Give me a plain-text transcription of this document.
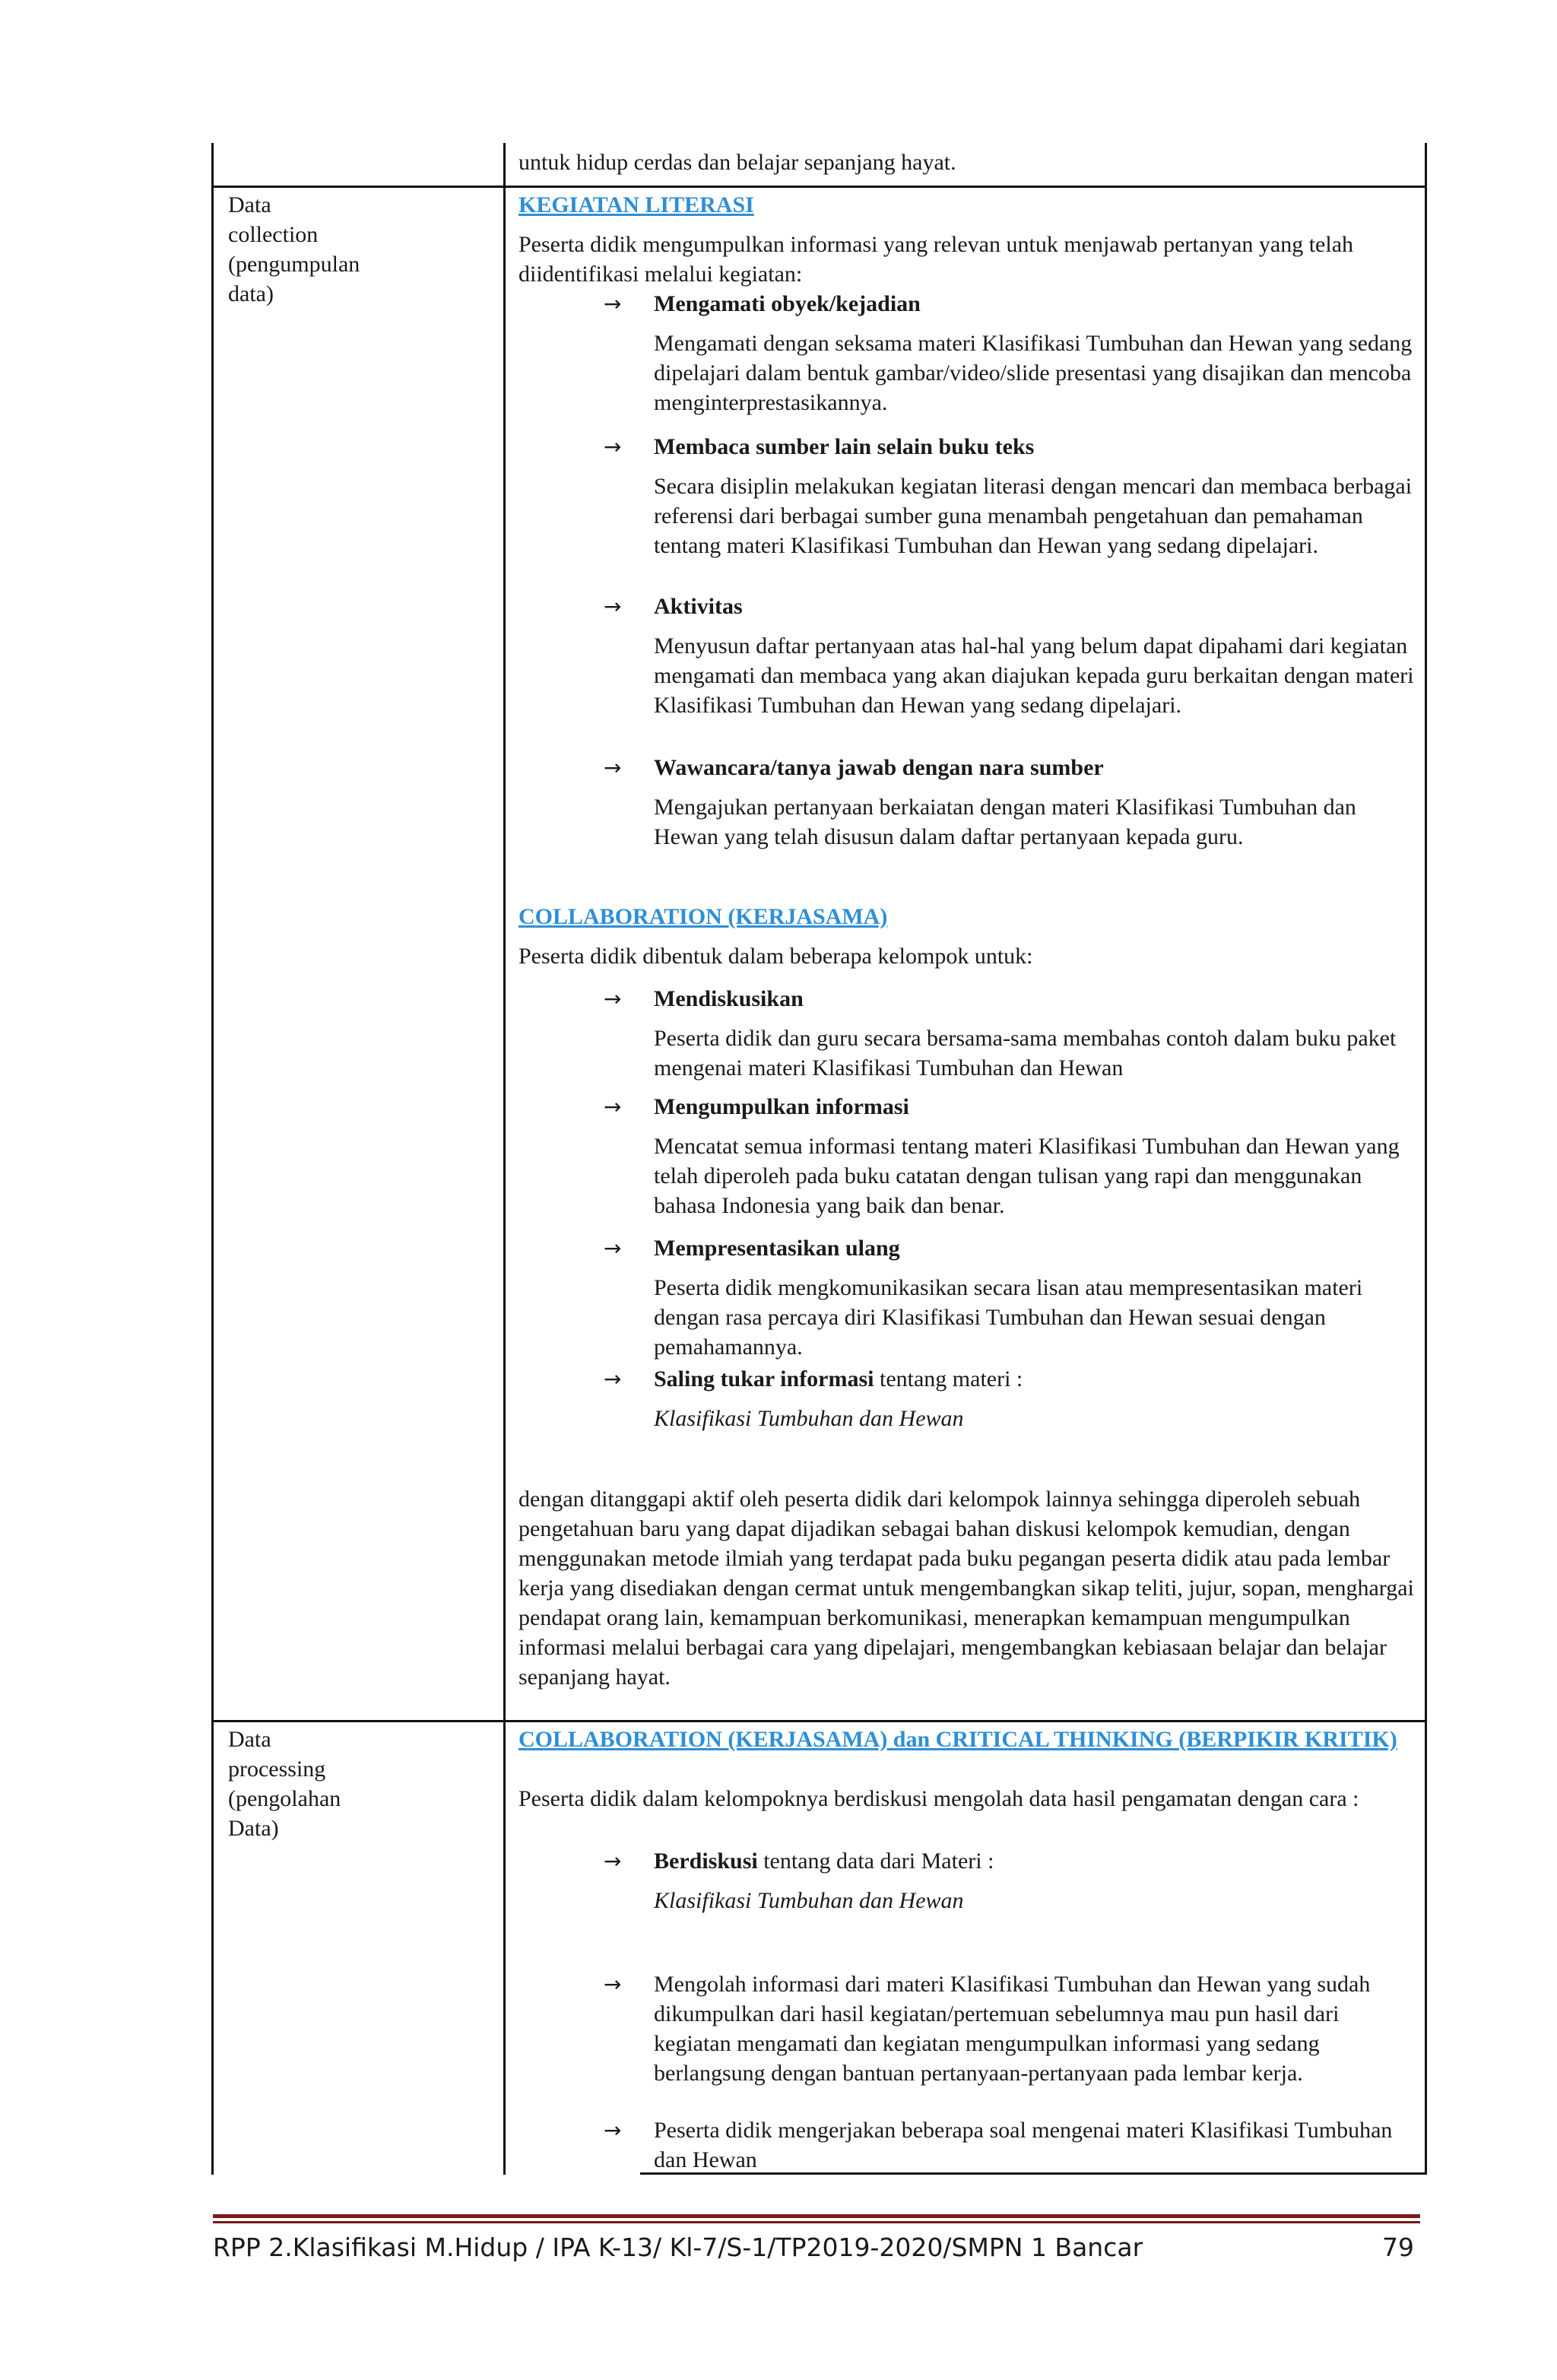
untuk hidup cerdas dan belajar sepanjang hayat.
Data
collection
(pengumpulan
data)
KEGIATAN LITERASI
Peserta didik mengumpulkan informasi yang relevan untuk menjawab pertanyan yang telah diidentifikasi melalui kegiatan:
→ Mengamati obyek/kejadian
Mengamati dengan seksama materi Klasifikasi Tumbuhan dan Hewan yang sedang dipelajari dalam bentuk gambar/video/slide presentasi yang disajikan dan mencoba menginterprestasikannya.
→ Membaca sumber lain selain buku teks
Secara disiplin melakukan kegiatan literasi dengan mencari dan membaca berbagai referensi dari berbagai sumber guna menambah pengetahuan dan pemahaman tentang materi Klasifikasi Tumbuhan dan Hewan yang sedang dipelajari.
→ Aktivitas
Menyusun daftar pertanyaan atas hal-hal yang belum dapat dipahami dari kegiatan mengamati dan membaca yang akan diajukan kepada guru berkaitan dengan materi Klasifikasi Tumbuhan dan Hewan yang sedang dipelajari.
→ Wawancara/tanya jawab dengan nara sumber
Mengajukan pertanyaan berkaiatan dengan materi Klasifikasi Tumbuhan dan Hewan yang telah disusun dalam daftar pertanyaan kepada guru.
COLLABORATION (KERJASAMA)
Peserta didik dibentuk dalam beberapa kelompok untuk:
→ Mendiskusikan
Peserta didik dan guru secara bersama-sama membahas contoh dalam buku paket mengenai materi Klasifikasi Tumbuhan dan Hewan
→ Mengumpulkan informasi
Mencatat semua informasi tentang materi Klasifikasi Tumbuhan dan Hewan yang telah diperoleh pada buku catatan dengan tulisan yang rapi dan menggunakan bahasa Indonesia yang baik dan benar.
→ Mempresentasikan ulang
Peserta didik mengkomunikasikan secara lisan atau mempresentasikan materi dengan rasa percaya diri Klasifikasi Tumbuhan dan Hewan sesuai dengan pemahamannya.
→ Saling tukar informasi tentang materi :
Klasifikasi Tumbuhan dan Hewan
dengan ditanggapi aktif oleh peserta didik dari kelompok lainnya sehingga diperoleh sebuah pengetahuan baru yang dapat dijadikan sebagai bahan diskusi kelompok kemudian, dengan menggunakan metode ilmiah yang terdapat pada buku pegangan peserta didik atau pada lembar kerja yang disediakan dengan cermat untuk mengembangkan sikap teliti, jujur, sopan, menghargai pendapat orang lain, kemampuan berkomunikasi, menerapkan kemampuan mengumpulkan informasi melalui berbagai cara yang dipelajari, mengembangkan kebiasaan belajar dan belajar sepanjang hayat.
Data
processing
(pengolahan
Data)
COLLABORATION (KERJASAMA) dan CRITICAL THINKING (BERPIKIR KRITIK)
Peserta didik dalam kelompoknya berdiskusi mengolah data hasil pengamatan dengan cara :
→ Berdiskusi tentang data dari Materi :
Klasifikasi Tumbuhan dan Hewan
→ Mengolah informasi dari materi Klasifikasi Tumbuhan dan Hewan yang sudah dikumpulkan dari hasil kegiatan/pertemuan sebelumnya mau pun hasil dari kegiatan mengamati dan kegiatan mengumpulkan informasi yang sedang berlangsung dengan bantuan pertanyaan-pertanyaan pada lembar kerja.
→ Peserta didik mengerjakan beberapa soal mengenai materi Klasifikasi Tumbuhan dan Hewan
RPP 2.Klasifikasi M.Hidup / IPA K-13/ Kl-7/S-1/TP2019-2020/SMPN 1 Bancar	79
